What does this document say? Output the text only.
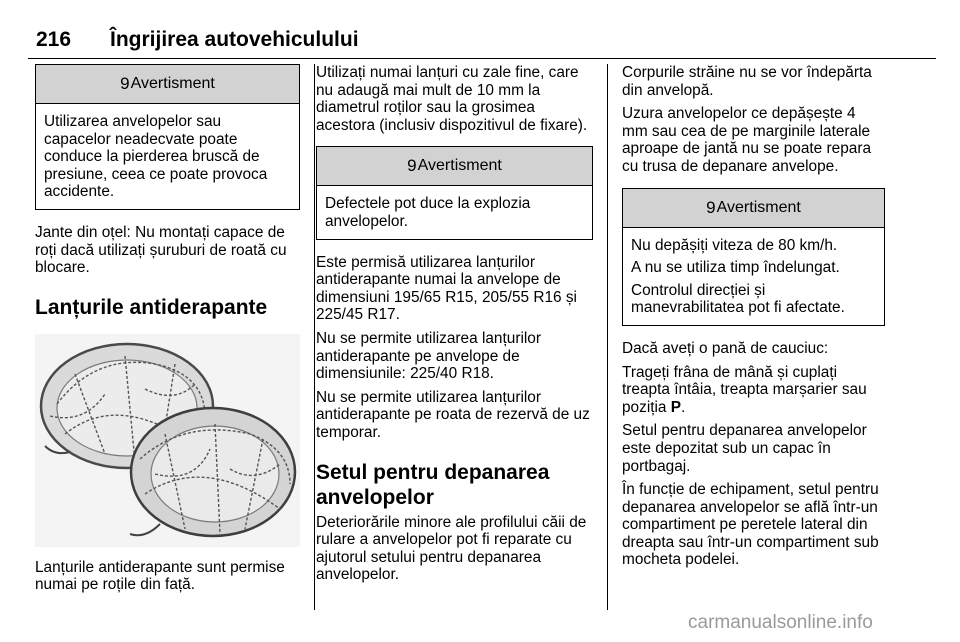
216 Îngrijirea autovehiculului
9 Avertisment

Utilizarea anvelopelor sau capacelor neadecvate poate conduce la pierderea bruscă de presiune, ceea ce poate provoca accidente.

Jante din oțel: Nu montați capace de roți dacă utilizați șuruburi de roată cu blocare.

Lanțurile antiderapante

Lanțurile antiderapante sunt permise numai pe roțile din față.

Utilizați numai lanțuri cu zale fine, care nu adaugă mai mult de 10 mm la diametrul roților sau la grosimea acestora (inclusiv dispozitivul de fixare).

9 Avertisment

Defectele pot duce la explozia anvelopelor.

Este permisă utilizarea lanțurilor antiderapante numai la anvelope de dimensiuni 195/65 R15, 205/55 R16 și 225/45 R17.

Nu se permite utilizarea lanțurilor antiderapante pe anvelope de dimensiunile: 225/40 R18.

Nu se permite utilizarea lanțurilor antiderapante pe roata de rezervă de uz temporar.

Setul pentru depanarea anvelopelor

Deteriorările minore ale profilului căii de rulare a anvelopelor pot fi reparate cu ajutorul setului pentru depanarea anvelopelor.

Corpurile străine nu se vor îndepărta din anvelopă.

Uzura anvelopelor ce depășește 4 mm sau cea de pe marginile laterale aproape de jantă nu se poate repara cu trusa de depanare anvelope.

9 Avertisment

Nu depășiți viteza de 80 km/h.

A nu se utiliza timp îndelungat.

Controlul direcției și manevrabilitatea pot fi afectate.

Dacă aveți o pană de cauciuc:

Trageți frâna de mână și cuplați treapta întâia, treapta marșarier sau poziția P.

Setul pentru depanarea anvelopelor este depozitat sub un capac în portbagaj.

În funcție de echipament, setul pentru depanarea anvelopelor se află într-un compartiment pe peretele lateral din dreapta sau într-un compartiment sub mocheta podelei.

carmanualsonline.info
